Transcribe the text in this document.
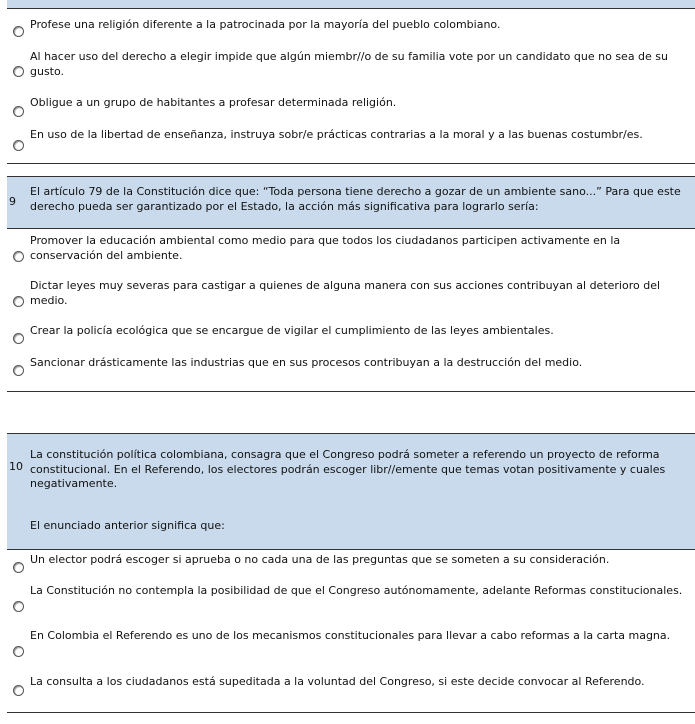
Profese una religión diferente a la patrocinada por la mayoría del pueblo colombiano.
Al hacer uso del derecho a elegir impide que algún miembr//o de su familia vote por un candidato que no sea de su gusto.
Obligue a un grupo de habitantes a profesar determinada religión.
En uso de la libertad de enseñanza, instruya sobr/e prácticas contrarias a la moral y a las buenas costumbr/es.
9
El artículo 79 de la Constitución dice que: “Toda persona tiene derecho a gozar de un ambiente sano...” Para que este derecho pueda ser garantizado por el Estado, la acción más significativa para lograrlo sería:
Promover la educación ambiental como medio para que todos los ciudadanos participen activamente en la conservación del ambiente.
Dictar leyes muy severas para castigar a quienes de alguna manera con sus acciones contribuyan al deterioro del medio.
Crear la policía ecológica que se encargue de vigilar el cumplimiento de las leyes ambientales.
Sancionar drásticamente las industrias que en sus procesos contribuyan a la destrucción del medio.
10
La constitución política colombiana, consagra que el Congreso podrá someter a referendo un proyecto de reforma constitucional. En el Referendo, los electores podrán escoger libr//emente que temas votan positivamente y cuales negativamente.
El enunciado anterior significa que:
Un elector podrá escoger si aprueba o no cada una de las preguntas que se someten a su consideración.
La Constitución no contempla la posibilidad de que el Congreso autónomamente, adelante Reformas constitucionales.
En Colombia el Referendo es uno de los mecanismos constitucionales para llevar a cabo reformas a la carta magna.
La consulta a los ciudadanos está supeditada a la voluntad del Congreso, si este decide convocar al Referendo.
